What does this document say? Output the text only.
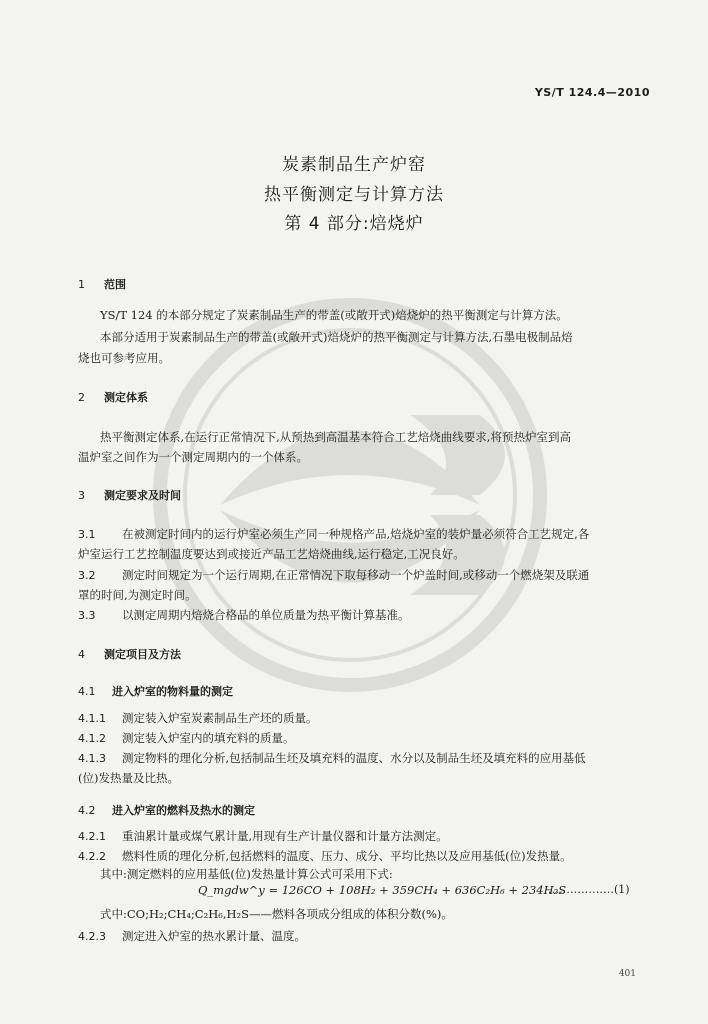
YS/T 124.4—2010
炭素制品生产炉窑
热平衡测定与计算方法
第 4 部分:焙烧炉
1 范围
YS/T 124 的本部分规定了炭素制品生产的带盖(或敞开式)焙烧炉的热平衡测定与计算方法。
本部分适用于炭素制品生产的带盖(或敞开式)焙烧炉的热平衡测定与计算方法,石墨电极制品焙
烧也可参考应用。
2 测定体系
热平衡测定体系,在运行正常情况下,从预热到高温基本符合工艺焙烧曲线要求,将预热炉室到高
温炉室之间作为一个测定周期内的一个体系。
3 测定要求及时间
3.1 在被测定时间内的运行炉室必须生产同一种规格产品,焙烧炉室的装炉量必须符合工艺规定,各
炉室运行工艺控制温度要达到或接近产品工艺焙烧曲线,运行稳定,工况良好。
3.2 测定时间规定为一个运行周期,在正常情况下取每移动一个炉盖时间,或移动一个燃烧架及联通
罩的时间,为测定时间。
3.3 以测定周期内焙烧合格品的单位质量为热平衡计算基准。
4 测定项目及方法
4.1 进入炉室的物料量的测定
4.1.1 测定装入炉室炭素制品生产坯的质量。
4.1.2 测定装入炉室内的填充料的质量。
4.1.3 测定物料的理化分析,包括制品生坯及填充料的温度、水分以及制品生坯及填充料的应用基低
(位)发热量及比热。
4.2 进入炉室的燃料及热水的测定
4.2.1 重油累计量或煤气累计量,用现有生产计量仪器和计量方法测定。
4.2.2 燃料性质的理化分析,包括燃料的温度、压力、成分、平均比热以及应用基低(位)发热量。
其中:测定燃料的应用基低(位)发热量计算公式可采用下式:
Q_mgdw^y = 126CO + 108H₂ + 359CH₄ + 636C₂H₆ + 234H₂S
………………(1)
式中:CO;H₂;CH₄;C₂H₆,H₂S——燃料各项成分组成的体积分数(%)。
4.2.3 测定进入炉室的热水累计量、温度。
401
